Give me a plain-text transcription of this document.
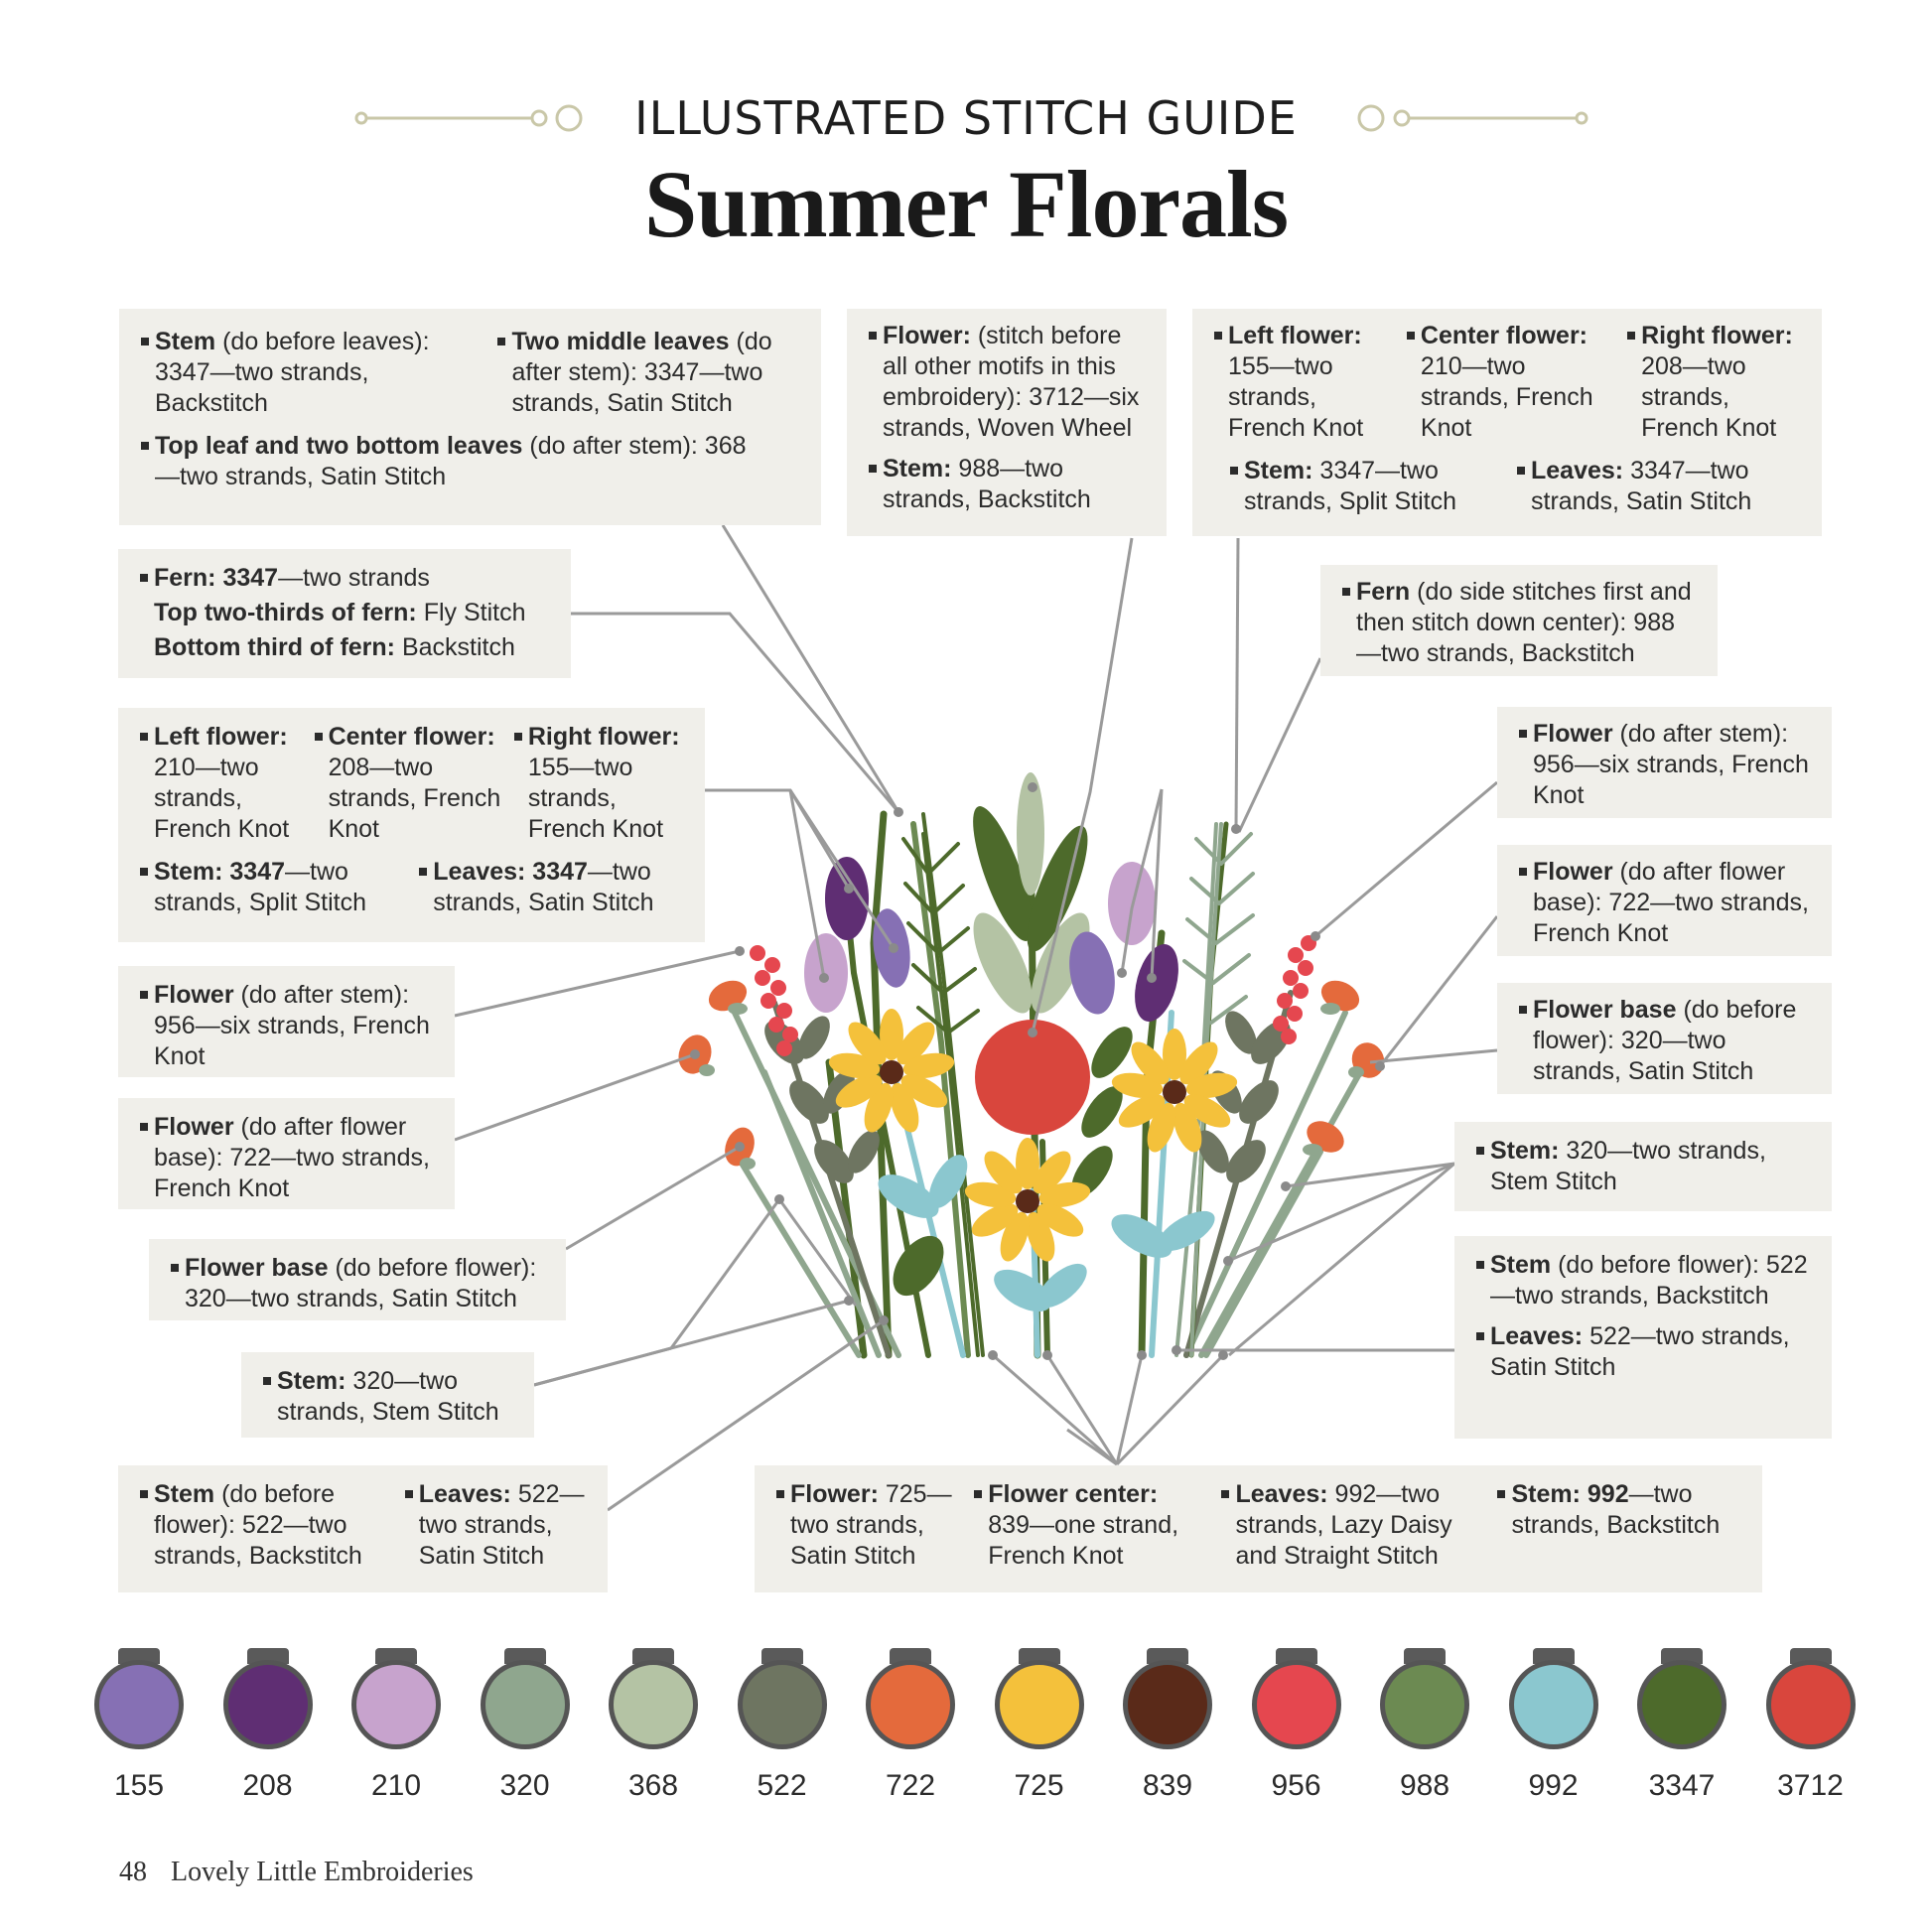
ILLUSTRATED STITCH GUIDE
Summer Florals
Stem (do before leaves): 3347—two strands, Backstitch
Two middle leaves (do after stem): 3347—two strands, Satin Stitch
Top leaf and two bottom leaves (do after stem): 368—two strands, Satin Stitch
Flower: (stitch before all other motifs in this embroidery): 3712—six strands, Woven Wheel
Stem: 988—two strands, Backstitch
Left flower: 155—two strands, French Knot
Center flower: 210—two strands, French Knot
Right flower: 208—two strands, French Knot
Stem: 3347—two strands, Split Stitch
Leaves: 3347—two strands, Satin Stitch
Fern: 3347—two strands
Top two-thirds of fern: Fly Stitch
Bottom third of fern: Backstitch
Fern (do side stitches first and then stitch down center): 988—two strands, Backstitch
Left flower: 210—two strands, French Knot
Center flower: 208—two strands, French Knot
Right flower: 155—two strands, French Knot
Stem: 3347—two strands, Split Stitch
Leaves: 3347—two strands, Satin Stitch
Flower (do after stem): 956—six strands, French Knot
Flower (do after flower base): 722—two strands, French Knot
Flower base (do before flower): 320—two strands, Satin Stitch
Stem: 320—two strands, Stem Stitch
Stem (do before flower): 522—two strands, Backstitch
Leaves: 522—two strands, Satin Stitch
Flower: 725—two strands, Satin Stitch
Flower center: 839—one strand, French Knot
Leaves: 992—two strands, Lazy Daisy and Straight Stitch
Stem: 992—two strands, Backstitch
Flower (do after stem): 956—six strands, French Knot
Flower (do after flower base): 722—two strands, French Knot
Flower base (do before flower): 320—two strands, Satin Stitch
Stem: 320—two strands, Stem Stitch
Stem (do before flower): 522—two strands, Backstitch
Leaves: 522—two strands, Satin Stitch
155	208	210	320	368	522	722	725	839	956	988	992	3347	3712
48 Lovely Little Embroideries
